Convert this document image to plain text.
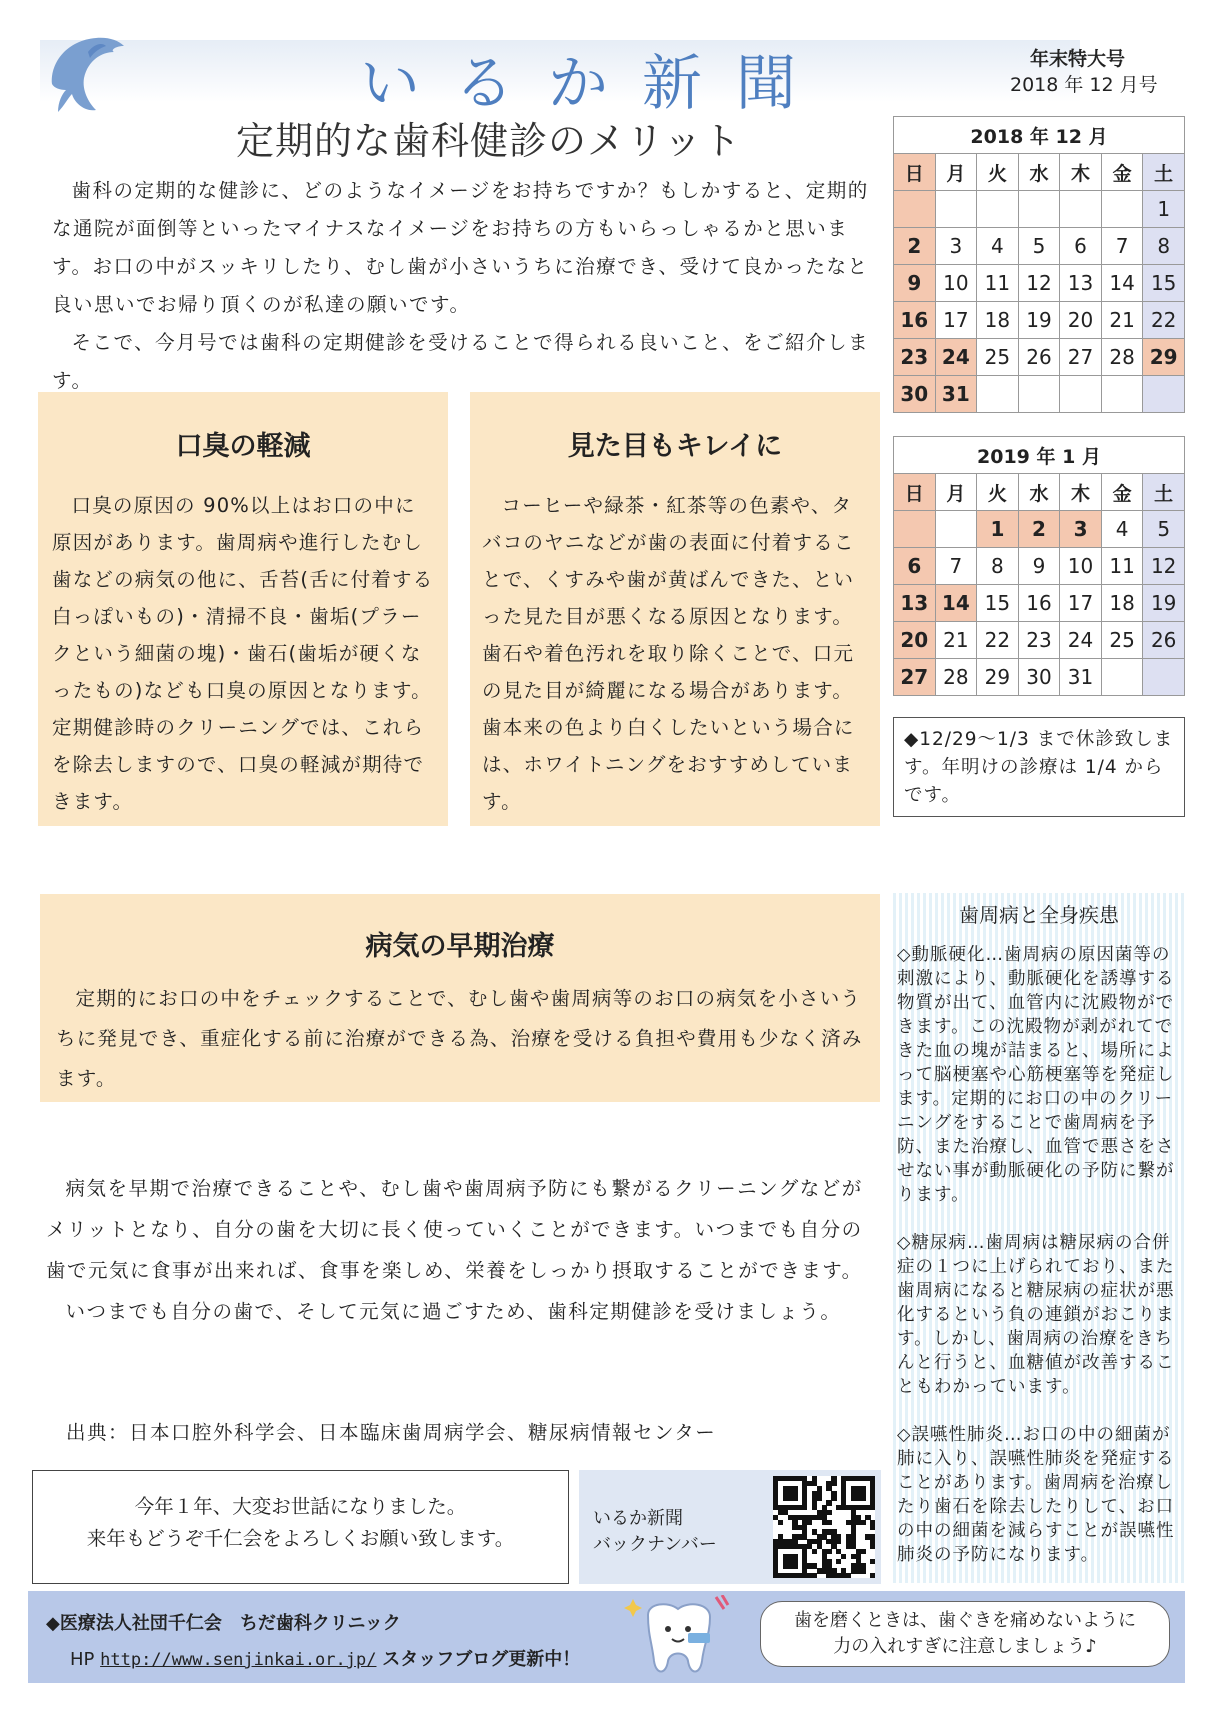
いるか新聞	年末特大号
2018 年 12 月号
定期的な歯科健診のメリット
歯科の定期的な健診に、どのようなイメージをお持ちですか？もしかすると、定期的な通院が面倒等といったマイナスなイメージをお持ちの方もいらっしゃるかと思います。お口の中がスッキリしたり、むし歯が小さいうちに治療でき、受けて良かったなと良い思いでお帰り頂くのが私達の願いです。
そこで、今月号では歯科の定期健診を受けることで得られる良いこと、をご紹介します。
口臭の軽減
口臭の原因の 90%以上はお口の中に原因があります。歯周病や進行したむし歯などの病気の他に、舌苔(舌に付着する白っぽいもの)・清掃不良・歯垢(プラークという細菌の塊)・歯石(歯垢が硬くなったもの)なども口臭の原因となります。定期健診時のクリーニングでは、これらを除去しますので、口臭の軽減が期待できます。
見た目もキレイに
コーヒーや緑茶・紅茶等の色素や、タバコのヤニなどが歯の表面に付着することで、くすみや歯が黄ばんできた、といった見た目が悪くなる原因となります。歯石や着色汚れを取り除くことで、口元の見た目が綺麗になる場合があります。歯本来の色より白くしたいという場合には、ホワイトニングをおすすめしています。
2018 年 12 月						
日	月	火	水	木	金	土
						1
2	3	4	5	6	7	8
9	10	11	12	13	14	15
16	17	18	19	20	21	22
23	24	25	26	27	28	29
30	31					
2019 年 1 月						
日	月	火	水	木	金	土
		1	2	3	4	5
6	7	8	9	10	11	12
13	14	15	16	17	18	19
20	21	22	23	24	25	26
27	28	29	30	31		
◆12/29～1/3 まで休診致します。年明けの診療は 1/4 からです。
病気の早期治療
定期的にお口の中をチェックすることで、むし歯や歯周病等のお口の病気を小さいうちに発見でき、重症化する前に治療ができる為、治療を受ける負担や費用も少なく済みます。
病気を早期で治療できることや、むし歯や歯周病予防にも繋がるクリーニングなどがメリットとなり、自分の歯を大切に長く使っていくことができます。いつまでも自分の歯で元気に食事が出来れば、食事を楽しめ、栄養をしっかり摂取することができます。
いつまでも自分の歯で、そして元気に過ごすため、歯科定期健診を受けましょう。
出典：日本口腔外科学会、日本臨床歯周病学会、糖尿病情報センター
歯周病と全身疾患
◇動脈硬化…歯周病の原因菌等の刺激により、動脈硬化を誘導する物質が出て、血管内に沈殿物ができます。この沈殿物が剥がれてできた血の塊が詰まると、場所によって脳梗塞や心筋梗塞等を発症します。定期的にお口の中のクリーニングをすることで歯周病を予防、また治療し、血管で悪さをさせない事が動脈硬化の予防に繋がります。
◇糖尿病…歯周病は糖尿病の合併症の１つに上げられており、また歯周病になると糖尿病の症状が悪化するという負の連鎖がおこります。しかし、歯周病の治療をきちんと行うと、血糖値が改善することもわかっています。
◇誤嚥性肺炎…お口の中の細菌が肺に入り、誤嚥性肺炎を発症することがあります。歯周病を治療したり歯石を除去したりして、お口の中の細菌を減らすことが誤嚥性肺炎の予防になります。
今年１年、大変お世話になりました。
来年もどうぞ千仁会をよろしくお願い致します。
いるか新聞
バックナンバー
◆医療法人社団千仁会　ちだ歯科クリニック
HP http://www.senjinkai.or.jp/ スタッフブログ更新中！
歯を磨くときは、歯ぐきを痛めないように力の入れすぎに注意しましょう♪
